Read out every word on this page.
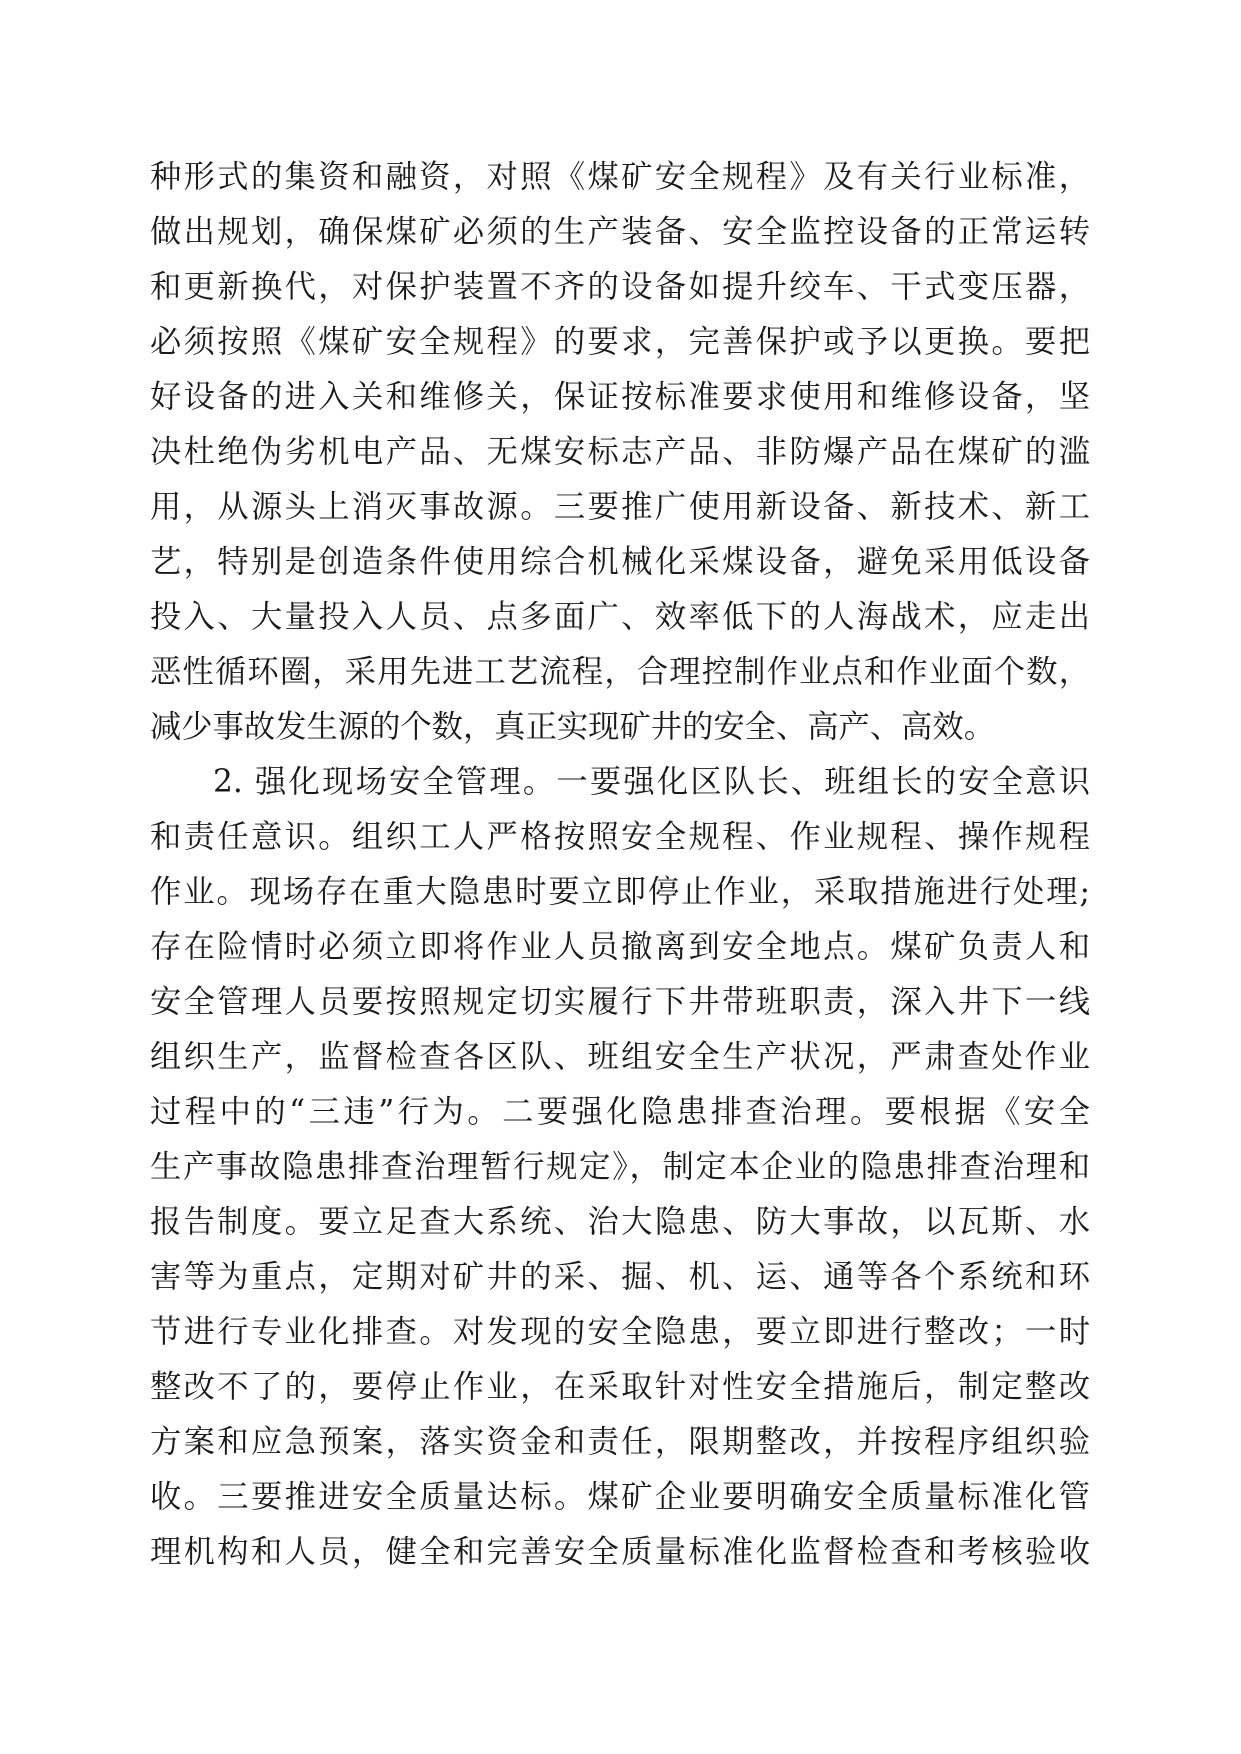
种形式的集资和融资，对照《煤矿安全规程》及有关行业标准，
做出规划，确保煤矿必须的生产装备、安全监控设备的正常运转
和更新换代，对保护装置不齐的设备如提升绞车、干式变压器，
必须按照《煤矿安全规程》的要求，完善保护或予以更换。要把
好设备的进入关和维修关，保证按标准要求使用和维修设备，坚
决杜绝伪劣机电产品、无煤安标志产品、非防爆产品在煤矿的滥
用，从源头上消灭事故源。三要推广使用新设备、新技术、新工
艺，特别是创造条件使用综合机械化采煤设备，避免采用低设备
投入、大量投入人员、点多面广、效率低下的人海战术，应走出
恶性循环圈，采用先进工艺流程，合理控制作业点和作业面个数，
减少事故发生源的个数，真正实现矿井的安全、高产、高效。
2. 强化现场安全管理。一要强化区队长、班组长的安全意识
和责任意识。组织工人严格按照安全规程、作业规程、操作规程
作业。现场存在重大隐患时要立即停止作业，采取措施进行处理;
存在险情时必须立即将作业人员撤离到安全地点。煤矿负责人和
安全管理人员要按照规定切实履行下井带班职责，深入井下一线
组织生产，监督检查各区队、班组安全生产状况，严肃查处作业
过程中的“三违”行为。二要强化隐患排查治理。要根据《安全
生产事故隐患排查治理暂行规定》，制定本企业的隐患排查治理和
报告制度。要立足查大系统、治大隐患、防大事故，以瓦斯、水
害等为重点，定期对矿井的采、掘、机、运、通等各个系统和环
节进行专业化排查。对发现的安全隐患，要立即进行整改；一时
整改不了的，要停止作业，在采取针对性安全措施后，制定整改
方案和应急预案，落实资金和责任，限期整改，并按程序组织验
收。三要推进安全质量达标。煤矿企业要明确安全质量标准化管
理机构和人员，健全和完善安全质量标准化监督检查和考核验收
